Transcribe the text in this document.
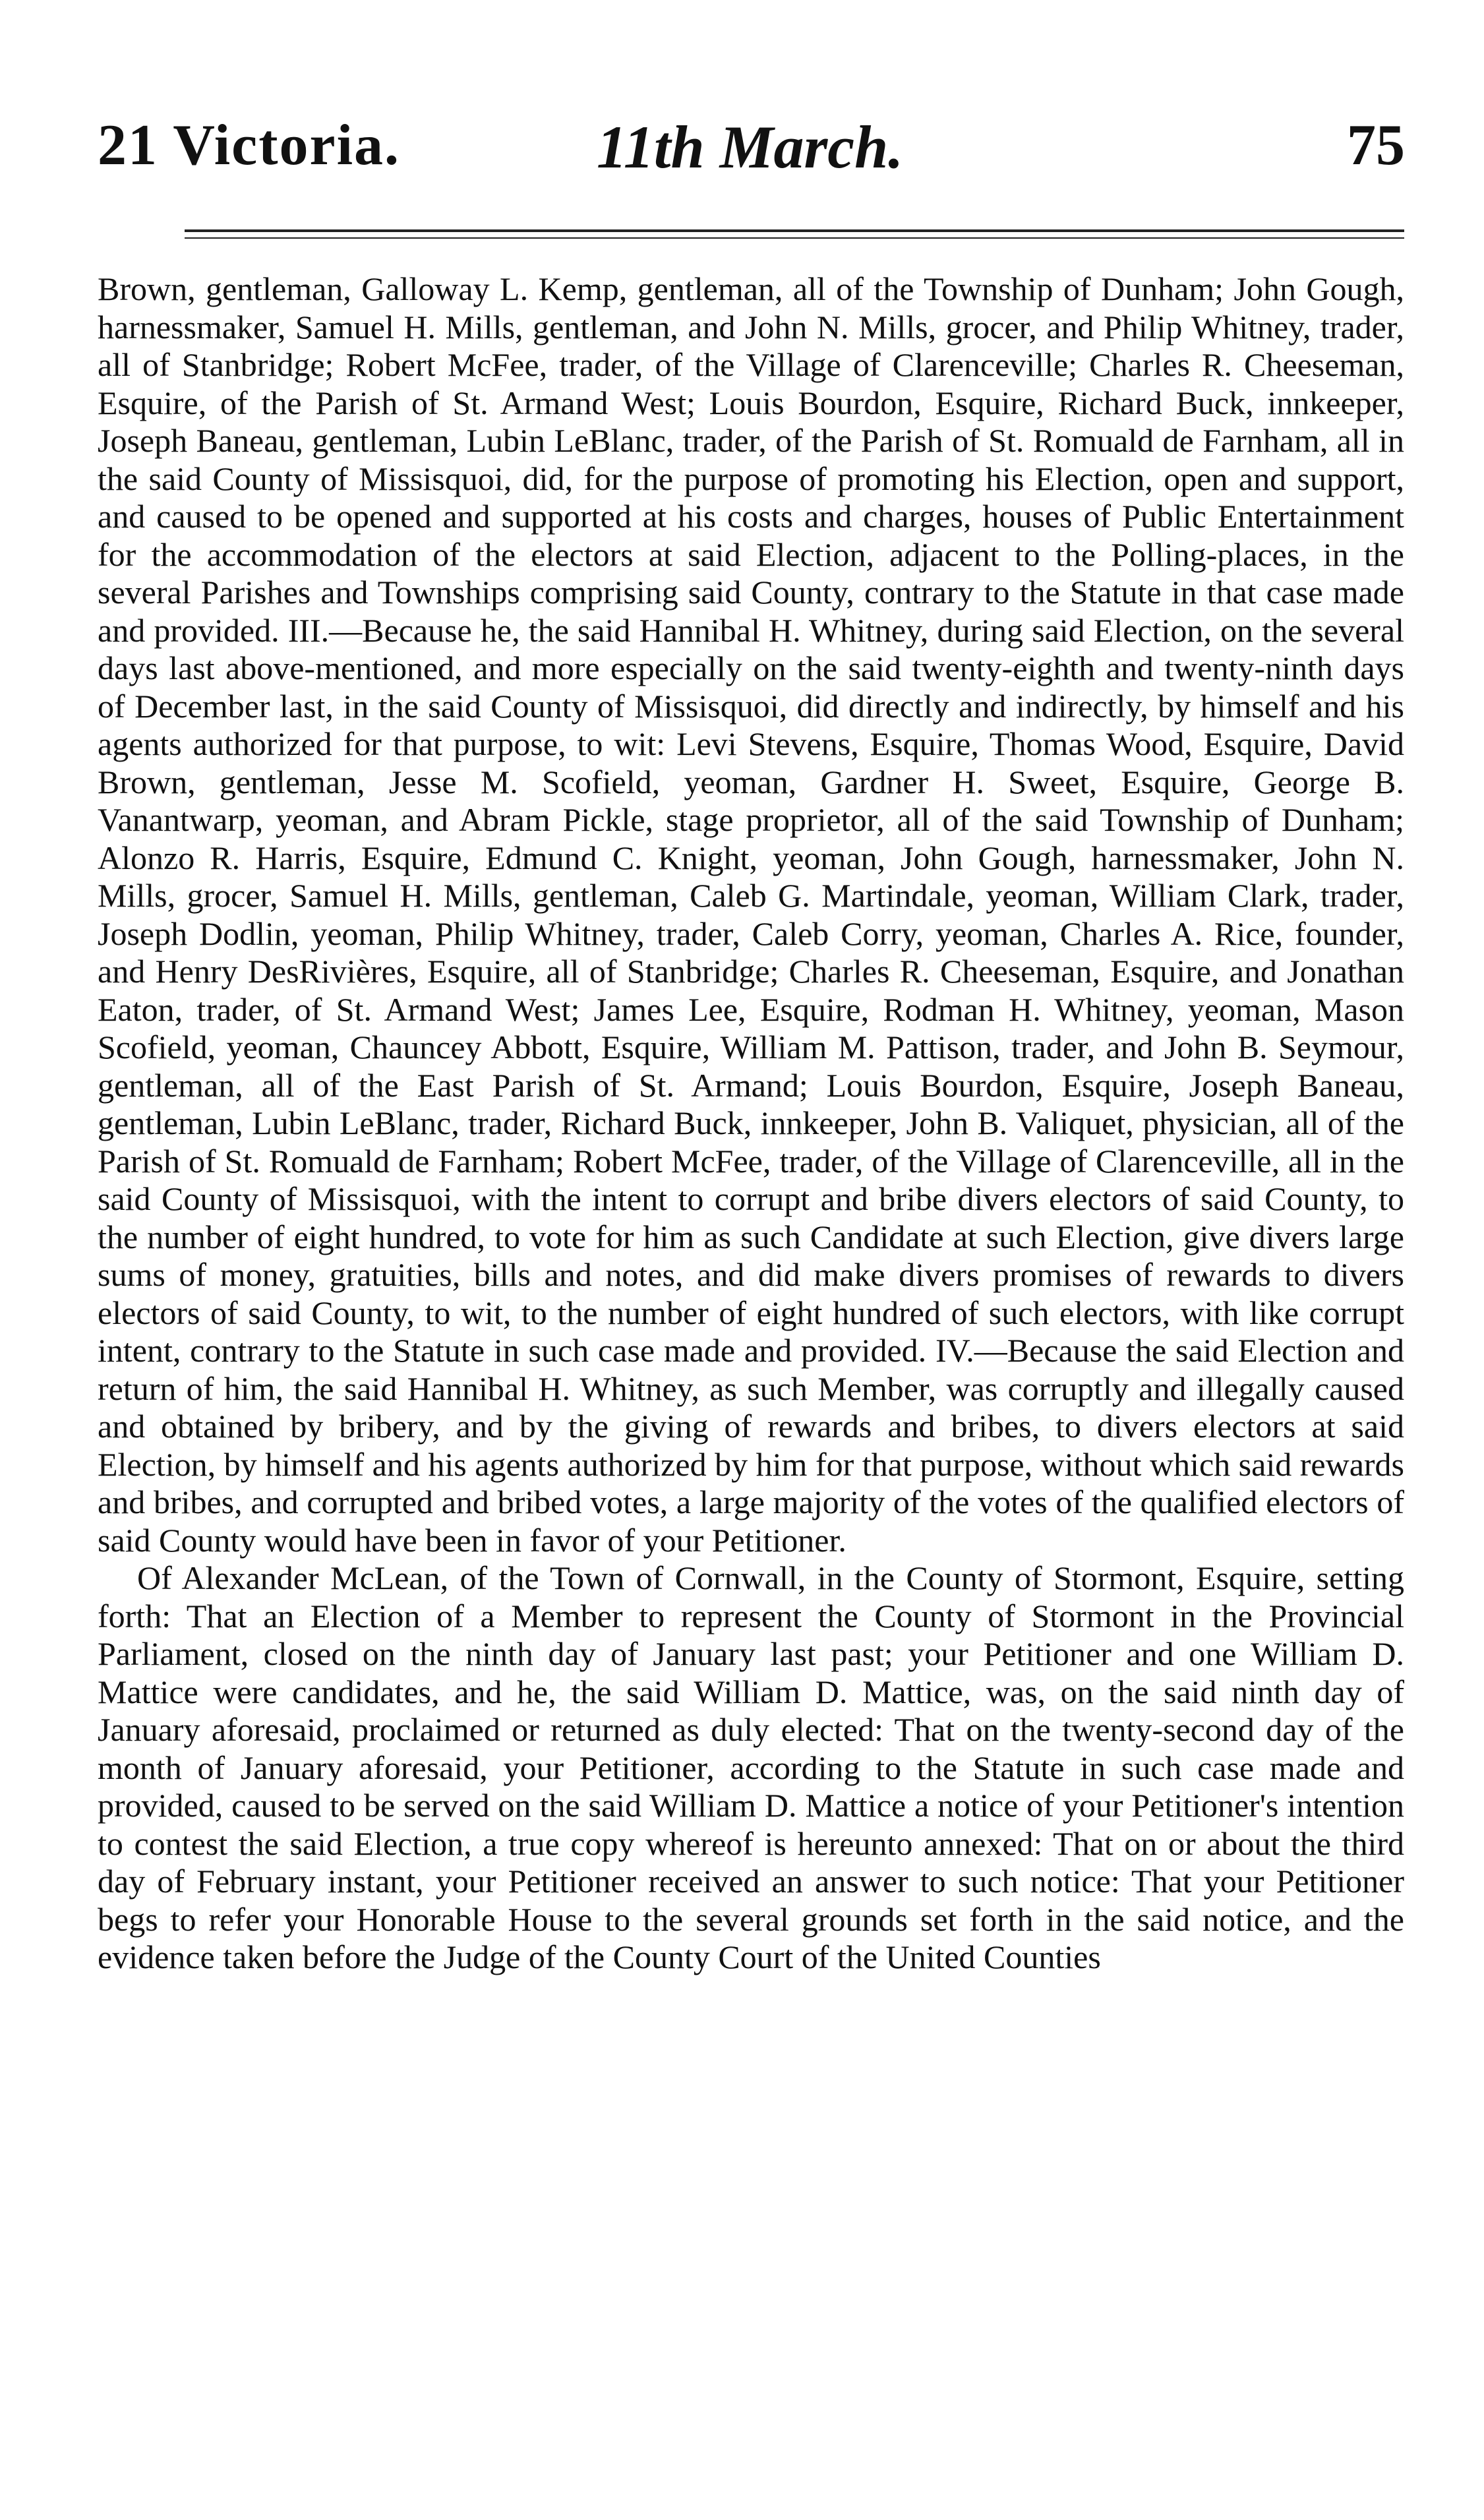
21 Victoria.	11th March.	75

Brown, gentleman, Galloway L. Kemp, gentleman, all of the Township of Dunham; John Gough, harnessmaker, Samuel H. Mills, gentleman, and John N. Mills, grocer, and Philip Whitney, trader, all of Stanbridge; Robert McFee, trader, of the Village of Clarenceville; Charles R. Cheeseman, Esquire, of the Parish of St. Armand West; Louis Bourdon, Esquire, Richard Buck, innkeeper, Joseph Baneau, gentleman, Lubin LeBlanc, trader, of the Parish of St. Romuald de Farnham, all in the said County of Missisquoi, did, for the purpose of promoting his Election, open and support, and caused to be opened and supported at his costs and charges, houses of Public Entertainment for the accommodation of the electors at said Election, adjacent to the Polling-places, in the several Parishes and Townships comprising said County, contrary to the Statute in that case made and provided. III.—Because he, the said Hannibal H. Whitney, during said Election, on the several days last above-mentioned, and more especially on the said twenty-eighth and twenty-ninth days of December last, in the said County of Missisquoi, did directly and indirectly, by himself and his agents authorized for that purpose, to wit: Levi Stevens, Esquire, Thomas Wood, Esquire, David Brown, gentleman, Jesse M. Scofield, yeoman, Gardner H. Sweet, Esquire, George B. Vanantwarp, yeoman, and Abram Pickle, stage proprietor, all of the said Township of Dunham; Alonzo R. Harris, Esquire, Edmund C. Knight, yeoman, John Gough, harnessmaker, John N. Mills, grocer, Samuel H. Mills, gentleman, Caleb G. Martindale, yeoman, William Clark, trader, Joseph Dodlin, yeoman, Philip Whitney, trader, Caleb Corry, yeoman, Charles A. Rice, founder, and Henry DesRivières, Esquire, all of Stanbridge; Charles R. Cheeseman, Esquire, and Jonathan Eaton, trader, of St. Armand West; James Lee, Esquire, Rodman H. Whitney, yeoman, Mason Scofield, yeoman, Chauncey Abbott, Esquire, William M. Pattison, trader, and John B. Seymour, gentleman, all of the East Parish of St. Armand; Louis Bourdon, Esquire, Joseph Baneau, gentleman, Lubin LeBlanc, trader, Richard Buck, innkeeper, John B. Valiquet, physician, all of the Parish of St. Romuald de Farnham; Robert McFee, trader, of the Village of Clarenceville, all in the said County of Missisquoi, with the intent to corrupt and bribe divers electors of said County, to the number of eight hundred, to vote for him as such Candidate at such Election, give divers large sums of money, gratuities, bills and notes, and did make divers promises of rewards to divers electors of said County, to wit, to the number of eight hundred of such electors, with like corrupt intent, contrary to the Statute in such case made and provided. IV.—Because the said Election and return of him, the said Hannibal H. Whitney, as such Member, was corruptly and illegally caused and obtained by bribery, and by the giving of rewards and bribes, to divers electors at said Election, by himself and his agents authorized by him for that purpose, without which said rewards and bribes, and corrupted and bribed votes, a large majority of the votes of the qualified electors of said County would have been in favor of your Petitioner.

Of Alexander McLean, of the Town of Cornwall, in the County of Stormont, Esquire, setting forth: That an Election of a Member to represent the County of Stormont in the Provincial Parliament, closed on the ninth day of January last past; your Petitioner and one William D. Mattice were candidates, and he, the said William D. Mattice, was, on the said ninth day of January aforesaid, proclaimed or returned as duly elected: That on the twenty-second day of the month of January aforesaid, your Petitioner, according to the Statute in such case made and provided, caused to be served on the said William D. Mattice a notice of your Petitioner's intention to contest the said Election, a true copy whereof is hereunto annexed: That on or about the third day of February instant, your Petitioner received an answer to such notice: That your Petitioner begs to refer your Honorable House to the several grounds set forth in the said notice, and the evidence taken before the Judge of the County Court of the United Counties
